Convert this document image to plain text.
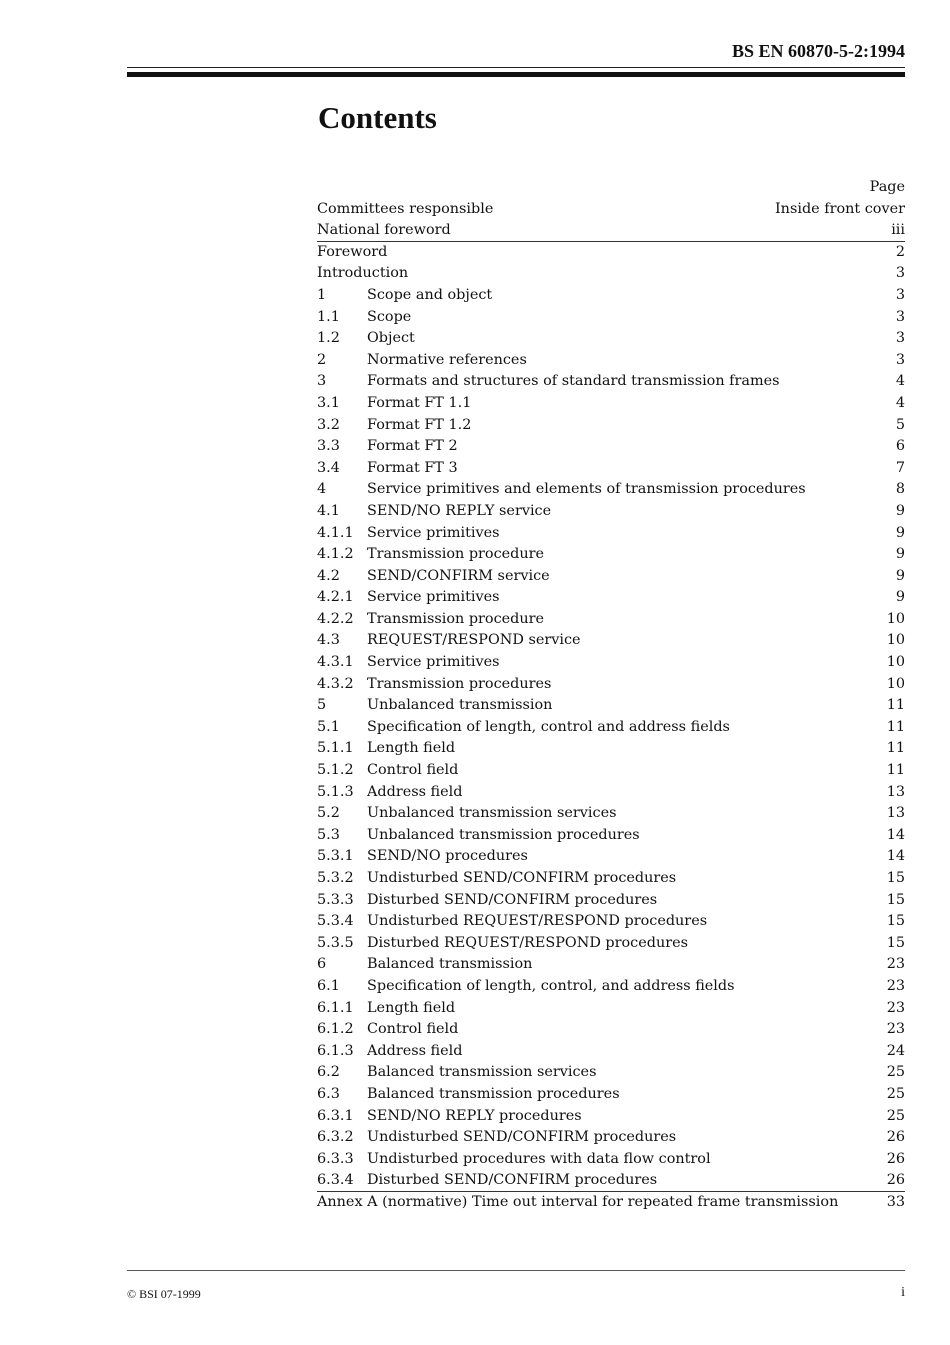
BS EN 60870-5-2:1994
Contents
Page
Committees responsible	Inside front cover
National foreword	iii
Foreword	2
Introduction	3
1	Scope and object	3
1.1	Scope	3
1.2	Object	3
2	Normative references	3
3	Formats and structures of standard transmission frames	4
3.1	Format FT 1.1	4
3.2	Format FT 1.2	5
3.3	Format FT 2	6
3.4	Format FT 3	7
4	Service primitives and elements of transmission procedures	8
4.1	SEND/NO REPLY service	9
4.1.1 Service primitives	9
4.1.2 Transmission procedure	9
4.2	SEND/CONFIRM service	9
4.2.1 Service primitives	9
4.2.2 Transmission procedure	10
4.3	REQUEST/RESPOND service	10
4.3.1 Service primitives	10
4.3.2 Transmission procedures	10
5	Unbalanced transmission	11
5.1	Specification of length, control and address fields	11
5.1.1 Length field	11
5.1.2 Control field	11
5.1.3 Address field	13
5.2	Unbalanced transmission services	13
5.3	Unbalanced transmission procedures	14
5.3.1 SEND/NO procedures	14
5.3.2 Undisturbed SEND/CONFIRM procedures	15
5.3.3 Disturbed SEND/CONFIRM procedures	15
5.3.4 Undisturbed REQUEST/RESPOND procedures	15
5.3.5 Disturbed REQUEST/RESPOND procedures	15
6	Balanced transmission	23
6.1	Specification of length, control, and address fields	23
6.1.1 Length field	23
6.1.2 Control field	23
6.1.3 Address field	24
6.2	Balanced transmission services	25
6.3	Balanced transmission procedures	25
6.3.1 SEND/NO REPLY procedures	25
6.3.2 Undisturbed SEND/CONFIRM procedures	26
6.3.3 Undisturbed procedures with data flow control	26
6.3.4 Disturbed SEND/CONFIRM procedures	26
Annex A (normative) Time out interval for repeated frame transmission	33
© BSI 07-1999	i
